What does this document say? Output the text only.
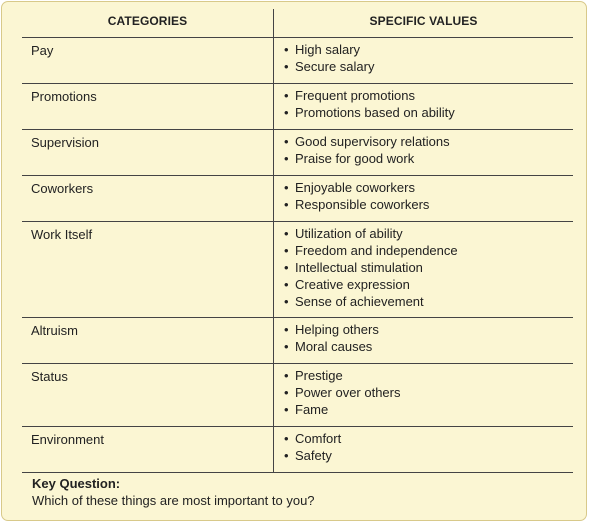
CATEGORIES	SPECIFIC VALUES
Pay	• High salary
• Secure salary
Promotions	• Frequent promotions
• Promotions based on ability
Supervision	• Good supervisory relations
• Praise for good work
Coworkers	• Enjoyable coworkers
• Responsible coworkers
Work Itself	• Utilization of ability
• Freedom and independence
• Intellectual stimulation
• Creative expression
• Sense of achievement
Altruism	• Helping others
• Moral causes
Status	• Prestige
• Power over others
• Fame
Environment	• Comfort
• Safety
Key Question:
Which of these things are most important to you?
